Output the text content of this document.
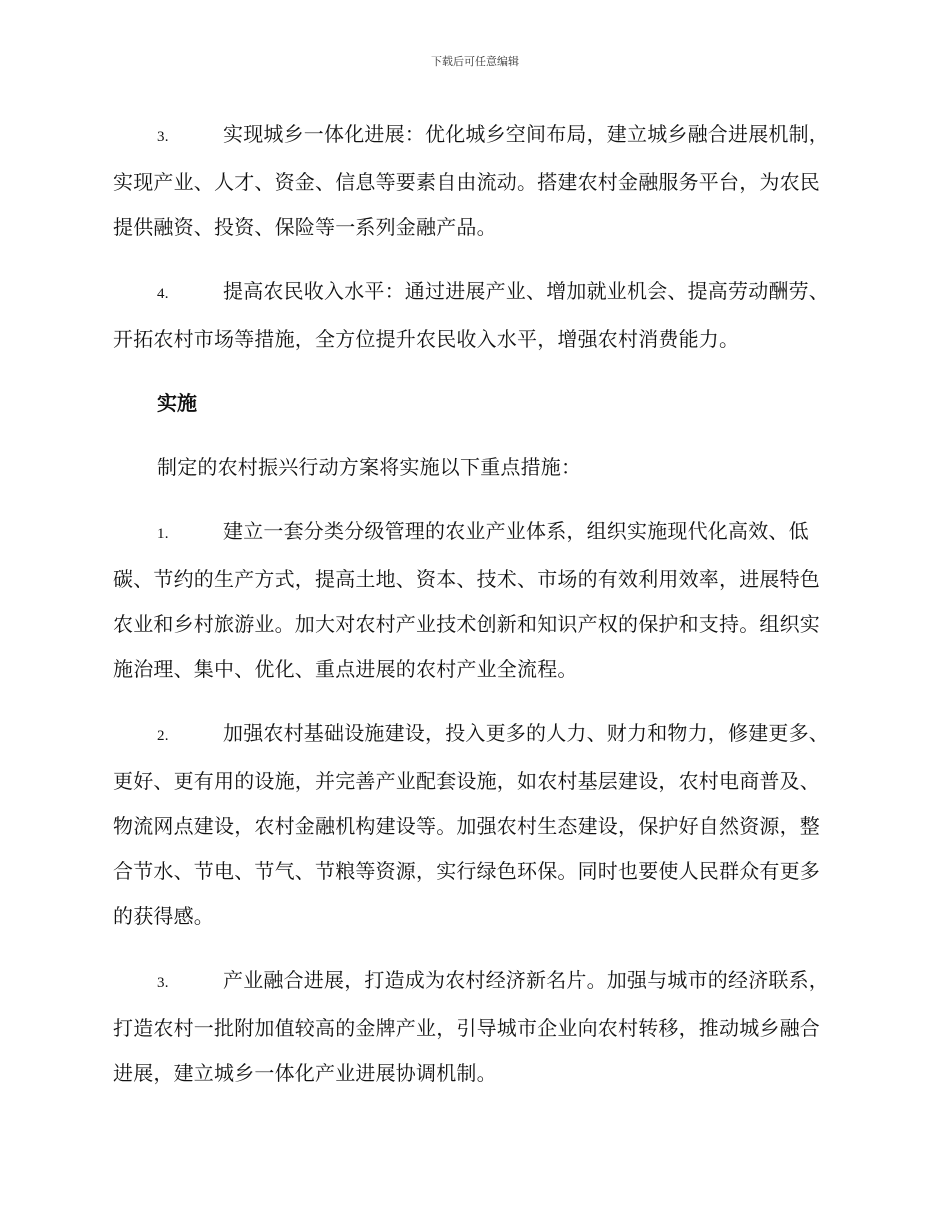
下载后可任意编辑

3.	实现城乡一体化进展：优化城乡空间布局，建立城乡融合进展机制，实现产业、人才、资金、信息等要素自由流动。搭建农村金融服务平台，为农民提供融资、投资、保险等一系列金融产品。

4.	提高农民收入水平：通过进展产业、增加就业机会、提高劳动酬劳、开拓农村市场等措施，全方位提升农民收入水平，增强农村消费能力。

实施

制定的农村振兴行动方案将实施以下重点措施：

1.	建立一套分类分级管理的农业产业体系，组织实施现代化高效、低碳、节约的生产方式，提高土地、资本、技术、市场的有效利用效率，进展特色农业和乡村旅游业。加大对农村产业技术创新和知识产权的保护和支持。组织实施治理、集中、优化、重点进展的农村产业全流程。

2.	加强农村基础设施建设，投入更多的人力、财力和物力，修建更多、更好、更有用的设施，并完善产业配套设施，如农村基层建设，农村电商普及、物流网点建设，农村金融机构建设等。加强农村生态建设，保护好自然资源，整合节水、节电、节气、节粮等资源，实行绿色环保。同时也要使人民群众有更多的获得感。

3.	产业融合进展，打造成为农村经济新名片。加强与城市的经济联系，打造农村一批附加值较高的金牌产业，引导城市企业向农村转移，推动城乡融合进展，建立城乡一体化产业进展协调机制。
